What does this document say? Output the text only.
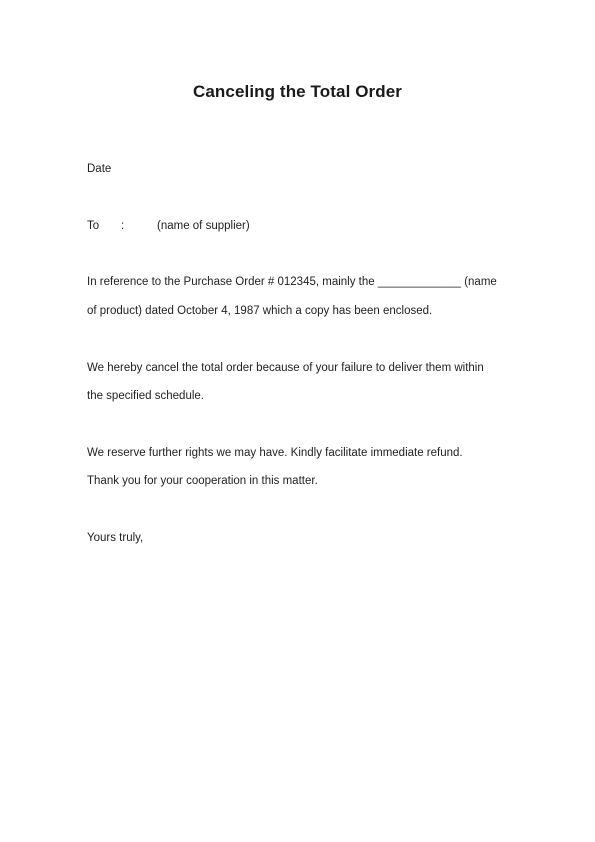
Canceling the Total Order
Date
To :	(name of supplier)
In reference to the Purchase Order # 012345, mainly the _____________ (name
of product) dated October 4, 1987 which a copy has been enclosed.
We hereby cancel the total order because of your failure to deliver them within
the specified schedule.
We reserve further rights we may have. Kindly facilitate immediate refund.
Thank you for your cooperation in this matter.
Yours truly,
